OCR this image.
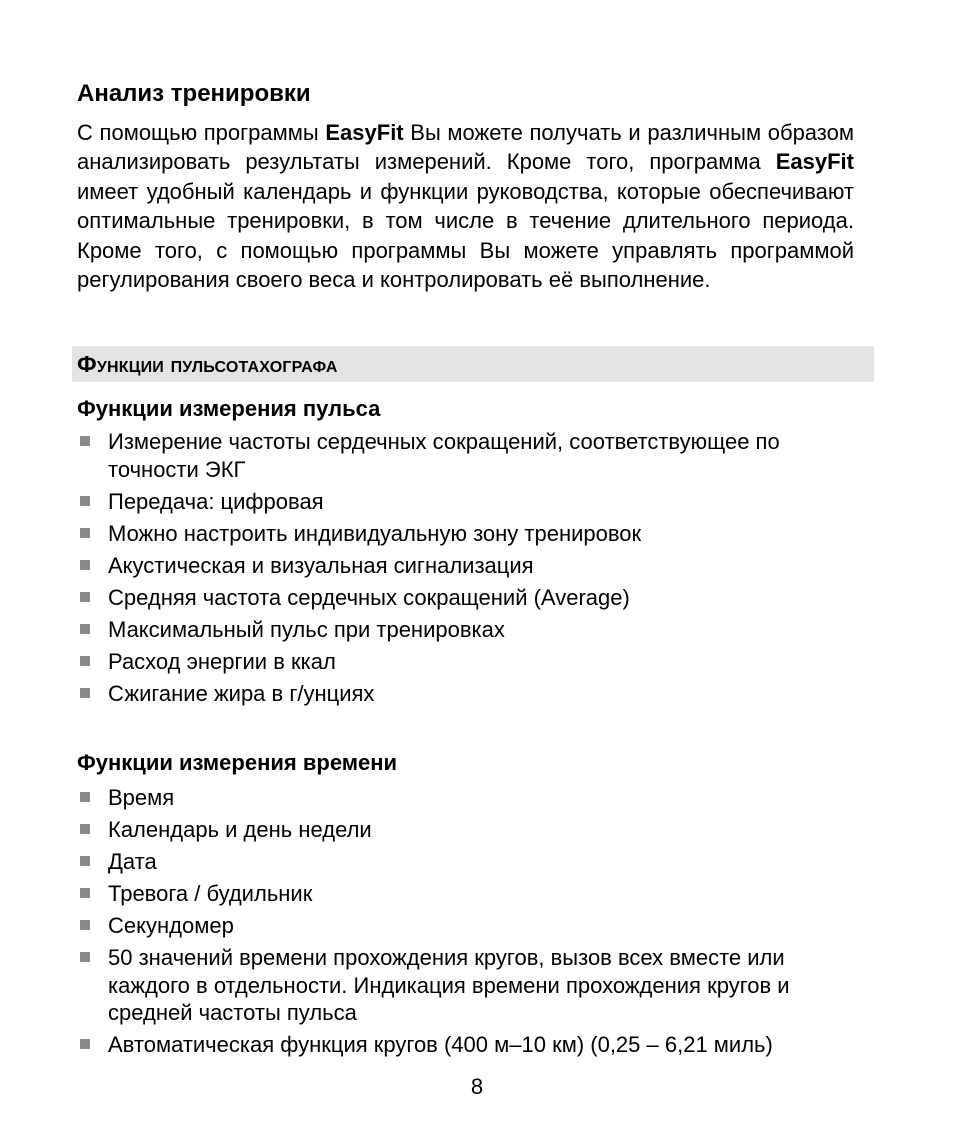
Анализ тренировки

С помощью программы EasyFit Вы можете получать и различным образом анализировать результаты измерений. Кроме того, программа EasyFit имеет удобный календарь и функции руководства, которые обеспечивают оптимальные тренировки, в том числе в течение длительного периода. Кроме того, с помощью программы Вы можете управлять программой регулирования своего веса и контролировать её выполнение.

Функции пульсотахографа
Функции измерения пульса
Измерение частоты сердечных сокращений, соответствующее по точности ЭКГ
Передача: цифровая
Можно настроить индивидуальную зону тренировок
Акустическая и визуальная сигнализация
Средняя частота сердечных сокращений (Average)
Максимальный пульс при тренировках
Расход энергии в ккал
Сжигание жира в г/унциях
Функции измерения времени
Время
Календарь и день недели
Дата
Тревога / будильник
Секундомер
50 значений времени прохождения кругов, вызов всех вместе или каждого в отдельности. Индикация времени прохождения кругов и средней частоты пульса
Автоматическая функция кругов (400 м–10 км) (0,25 – 6,21 миль)
8
